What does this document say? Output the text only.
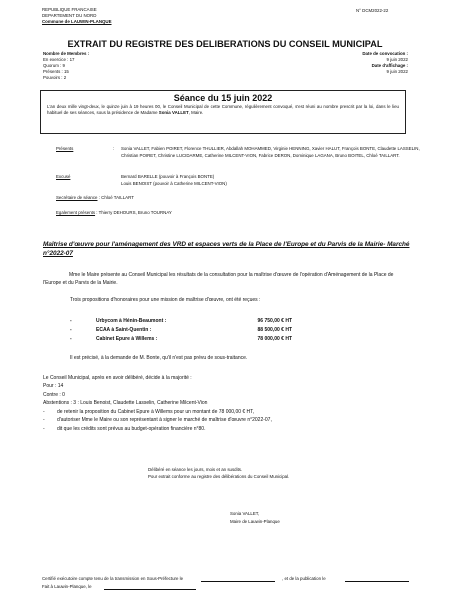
REPUBLIQUE FRANCAISE
DEPARTEMENT DU NORD
Commune de LAUWIN-PLANQUE
N° DCM2022-22
EXTRAIT DU REGISTRE DES DELIBERATIONS DU CONSEIL MUNICIPAL
Nombre de Membres :
En exercice : 17
Quorum : 9
Présents : 15
Pouvoirs : 2
Date de convocation :
9 juin 2022
Date d'affichage :
9 juin 2022
Séance du 15 juin 2022
L'an deux mille vingt-deux, le quinze juin à 19 heures 00, le Conseil Municipal de cette Commune, régulièrement convoqué, s'est réuni au nombre prescrit par la loi, dans le lieu habituel de ses séances, sous la présidence de Madame Sonia VALLET, Maire.
Présents	: Sonia VALLET, Fabien POIRET, Florence THULLIER, Abdallah MOHAMMED, Virginie HENNING, Xavier HALUT, François BONTE, Claudette LASSELIN, Christian POIRET, Christine LUCIDARME, Catherine MILCENT-VION, Fabrice DERON, Dominique LAGANA, Bruno BOITEL, Chloé TAILLART.
Excusé	Bernard BARELLE (pouvoir à François BONTE)
Louis BENOIST (pouvoir à Catherine MILCENT-VION)
Secrétaire de séance : Chloé TAILLART
Egalement présents : Thierry DEHOURS, Bruno TOURNAY
Maîtrise d'œuvre pour l'aménagement des VRD et espaces verts de la Place de l'Europe et du Parvis de la Mairie- Marché n°2022-07
Mme le Maire présente au Conseil Municipal les résultats de la consultation pour la maîtrise d'œuvre de l'opération d'Aménagement de la Place de l'Europe et du Parvis de la Mairie.
Trois propositions d'honoraires pour une mission de maîtrise d'œuvre, ont été reçues :
-	Urbycom à Hénin-Beaumont :	96 750,00 € HT
-	ECAA à Saint-Quentin :	88 500,00 € HT
-	Cabinet Epure à Willems :	78 000,00 € HT
Il est précisé, à la demande de M. Bonte, qu'il n'est pas prévu de sous-traitance.
Le Conseil Municipal, après en avoir délibéré, décide à la majorité :
Pour : 14
Contre : 0
Abstentions : 3 : Louis Benoist, Claudette Lasselin, Catherine Milcent-Vion
-	de retenir la proposition du Cabinet Epure à Willems pour un montant de 78 000,00 € HT,
-	d'autoriser Mme le Maire ou son représentant à signer le marché de maîtrise d'œuvre n°2022-07,
-	dit que les crédits sont prévus au budget-opération financière n°80.
Délibéré en séance les jours, mois et an susdits.
Pour extrait conforme au registre des délibérations du Conseil Municipal.
Sonia VALLET,
Maire de Lauwin-Planque
Certifié exécutoire compte tenu de la transmission en Sous-Préfecture le	, et de la publication le
Fait à Lauwin-Planque, le
